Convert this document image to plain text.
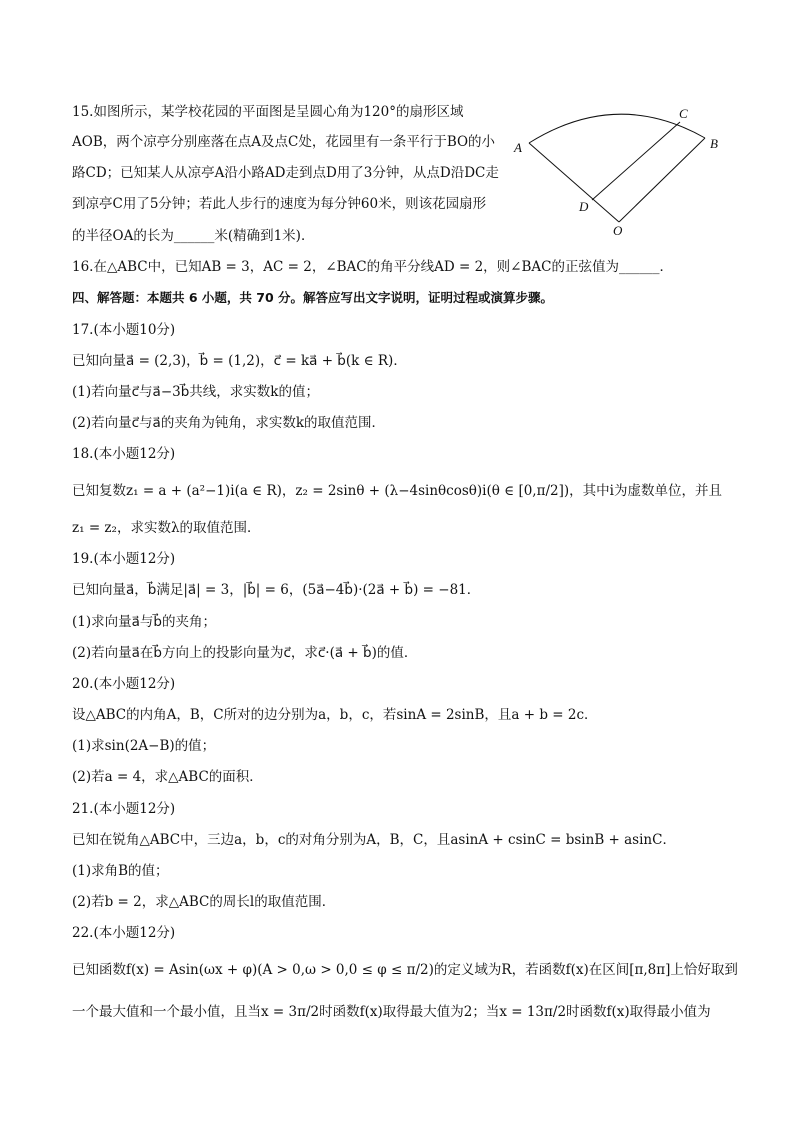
15.如图所示，某学校花园的平面图是呈圆心角为120°的扇形区域
AOB，两个凉亭分别座落在点A及点C处，花园里有一条平行于BO的小
路CD；已知某人从凉亭A沿小路AD走到点D用了3分钟，从点D沿DC走
到凉亭C用了5分钟；若此人步行的速度为每分钟60米，则该花园扇形
的半径OA的长为______米(精确到1米)．
A	B
C
D
O
16.在△ABC中，已知AB = 3，AC = 2，∠BAC的角平分线AD = 2，则∠BAC的正弦值为______．
四、解答题：本题共 6 小题，共 70 分。解答应写出文字说明，证明过程或演算步骤。
17.(本小题10分)
已知向量a⃗ = (2,3)，b⃗ = (1,2)，c⃗ = ka⃗ + b⃗(k ∈ R)．
(1)若向量c⃗与a⃗−3b⃗共线，求实数k的值；
(2)若向量c⃗与a⃗的夹角为钝角，求实数k的取值范围．
18.(本小题12分)
已知复数z₁ = a + (a²−1)i(a ∈ R)，z₂ = 2sinθ + (λ−4sinθcosθ)i(θ ∈ [0,π/2])，其中i为虚数单位，并且
z₁ = z₂，求实数λ的取值范围．
19.(本小题12分)
已知向量a⃗，b⃗满足|a⃗| = 3，|b⃗| = 6，(5a⃗−4b⃗)·(2a⃗ + b⃗) = −81．
(1)求向量a⃗与b⃗的夹角；
(2)若向量a⃗在b⃗方向上的投影向量为c⃗，求c⃗·(a⃗ + b⃗)的值．
20.(本小题12分)
设△ABC的内角A，B，C所对的边分别为a，b，c，若sinA = 2sinB，且a + b = 2c．
(1)求sin(2A−B)的值；
(2)若a = 4，求△ABC的面积．
21.(本小题12分)
已知在锐角△ABC中，三边a，b，c的对角分别为A，B，C，且asinA + csinC = bsinB + asinC．
(1)求角B的值；
(2)若b = 2，求△ABC的周长l的取值范围．
22.(本小题12分)
已知函数f(x) = Asin(ωx + φ)(A > 0,ω > 0,0 ≤ φ ≤ π/2)的定义域为R，若函数f(x)在区间[π,8π]上恰好取到
一个最大值和一个最小值，且当x = 3π/2时函数f(x)取得最大值为2；当x = 13π/2时函数f(x)取得最小值为
